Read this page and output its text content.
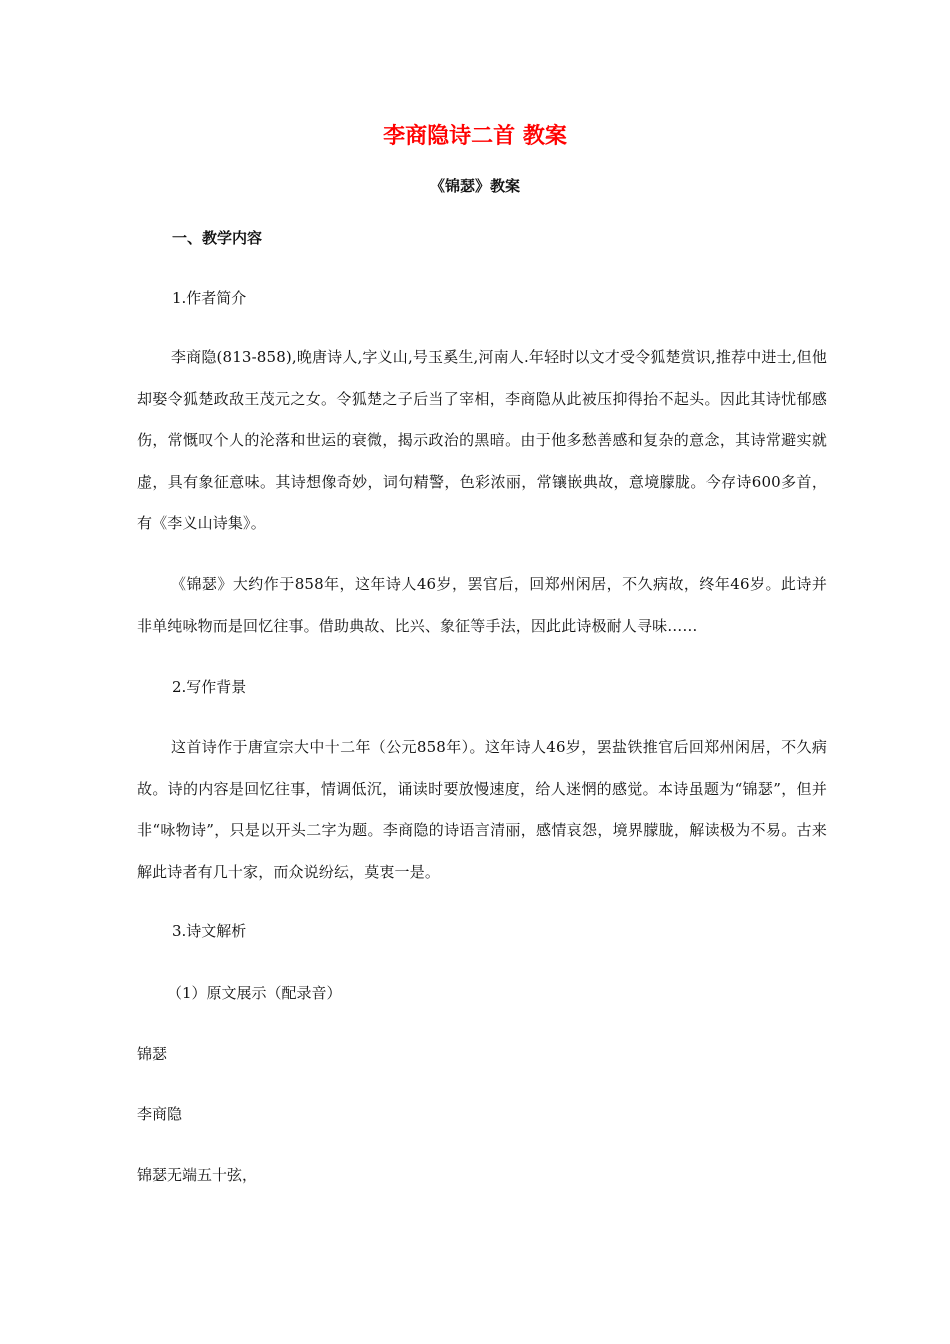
李商隐诗二首 教案
《锦瑟》教案
一、教学内容
1.作者简介
李商隐(813-858),晚唐诗人,字义山,号玉奚生,河南人.年轻时以文才受令狐楚赏识,推荐中进士,但他却娶令狐楚政敌王茂元之女。令狐楚之子后当了宰相，李商隐从此被压抑得抬不起头。因此其诗忧郁感伤，常慨叹个人的沦落和世运的衰微，揭示政治的黑暗。由于他多愁善感和复杂的意念，其诗常避实就虚，具有象征意味。其诗想像奇妙，词句精警，色彩浓丽，常镶嵌典故，意境朦胧。今存诗600多首，有《李义山诗集》。
《锦瑟》大约作于858年，这年诗人46岁，罢官后，回郑州闲居，不久病故，终年46岁。此诗并非单纯咏物而是回忆往事。借助典故、比兴、象征等手法，因此此诗极耐人寻味……
2.写作背景
这首诗作于唐宣宗大中十二年（公元858年）。这年诗人46岁，罢盐铁推官后回郑州闲居，不久病故。诗的内容是回忆往事，情调低沉，诵读时要放慢速度，给人迷惘的感觉。本诗虽题为“锦瑟”，但并非“咏物诗”，只是以开头二字为题。李商隐的诗语言清丽，感情哀怨，境界朦胧，解读极为不易。古来解此诗者有几十家，而众说纷纭，莫衷一是。
3.诗文解析
（1）原文展示（配录音）
锦瑟
李商隐
锦瑟无端五十弦，
